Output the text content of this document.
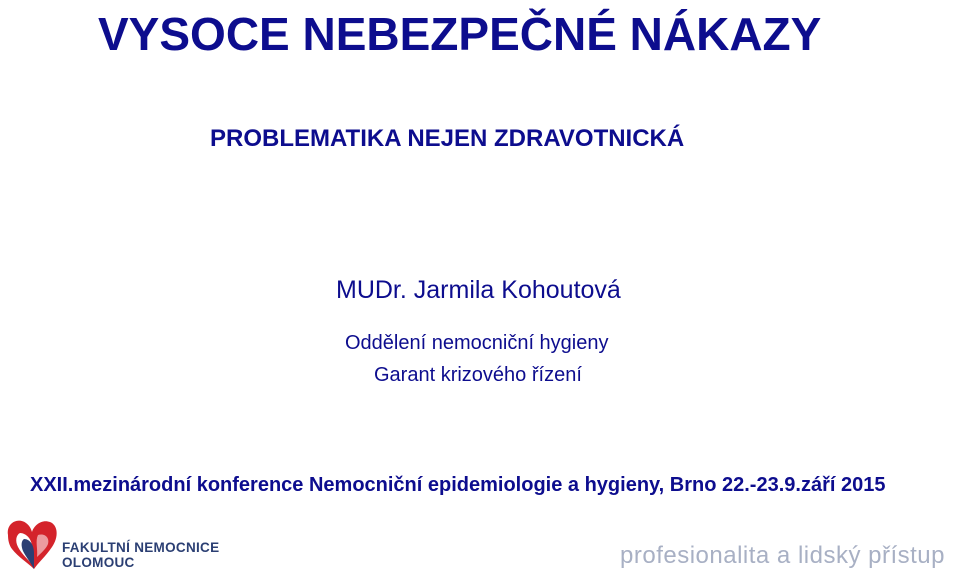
VYSOCE NEBEZPEČNÉ NÁKAZY
PROBLEMATIKA NEJEN ZDRAVOTNICKÁ
MUDr. Jarmila Kohoutová
Oddělení nemocniční hygieny
Garant krizového řízení
XXII.mezinárodní konference Nemocniční epidemiologie a hygieny, Brno 22.-23.9.září 2015
FAKULTNÍ NEMOCNICE
OLOMOUC	profesionalita a lidský přístup
